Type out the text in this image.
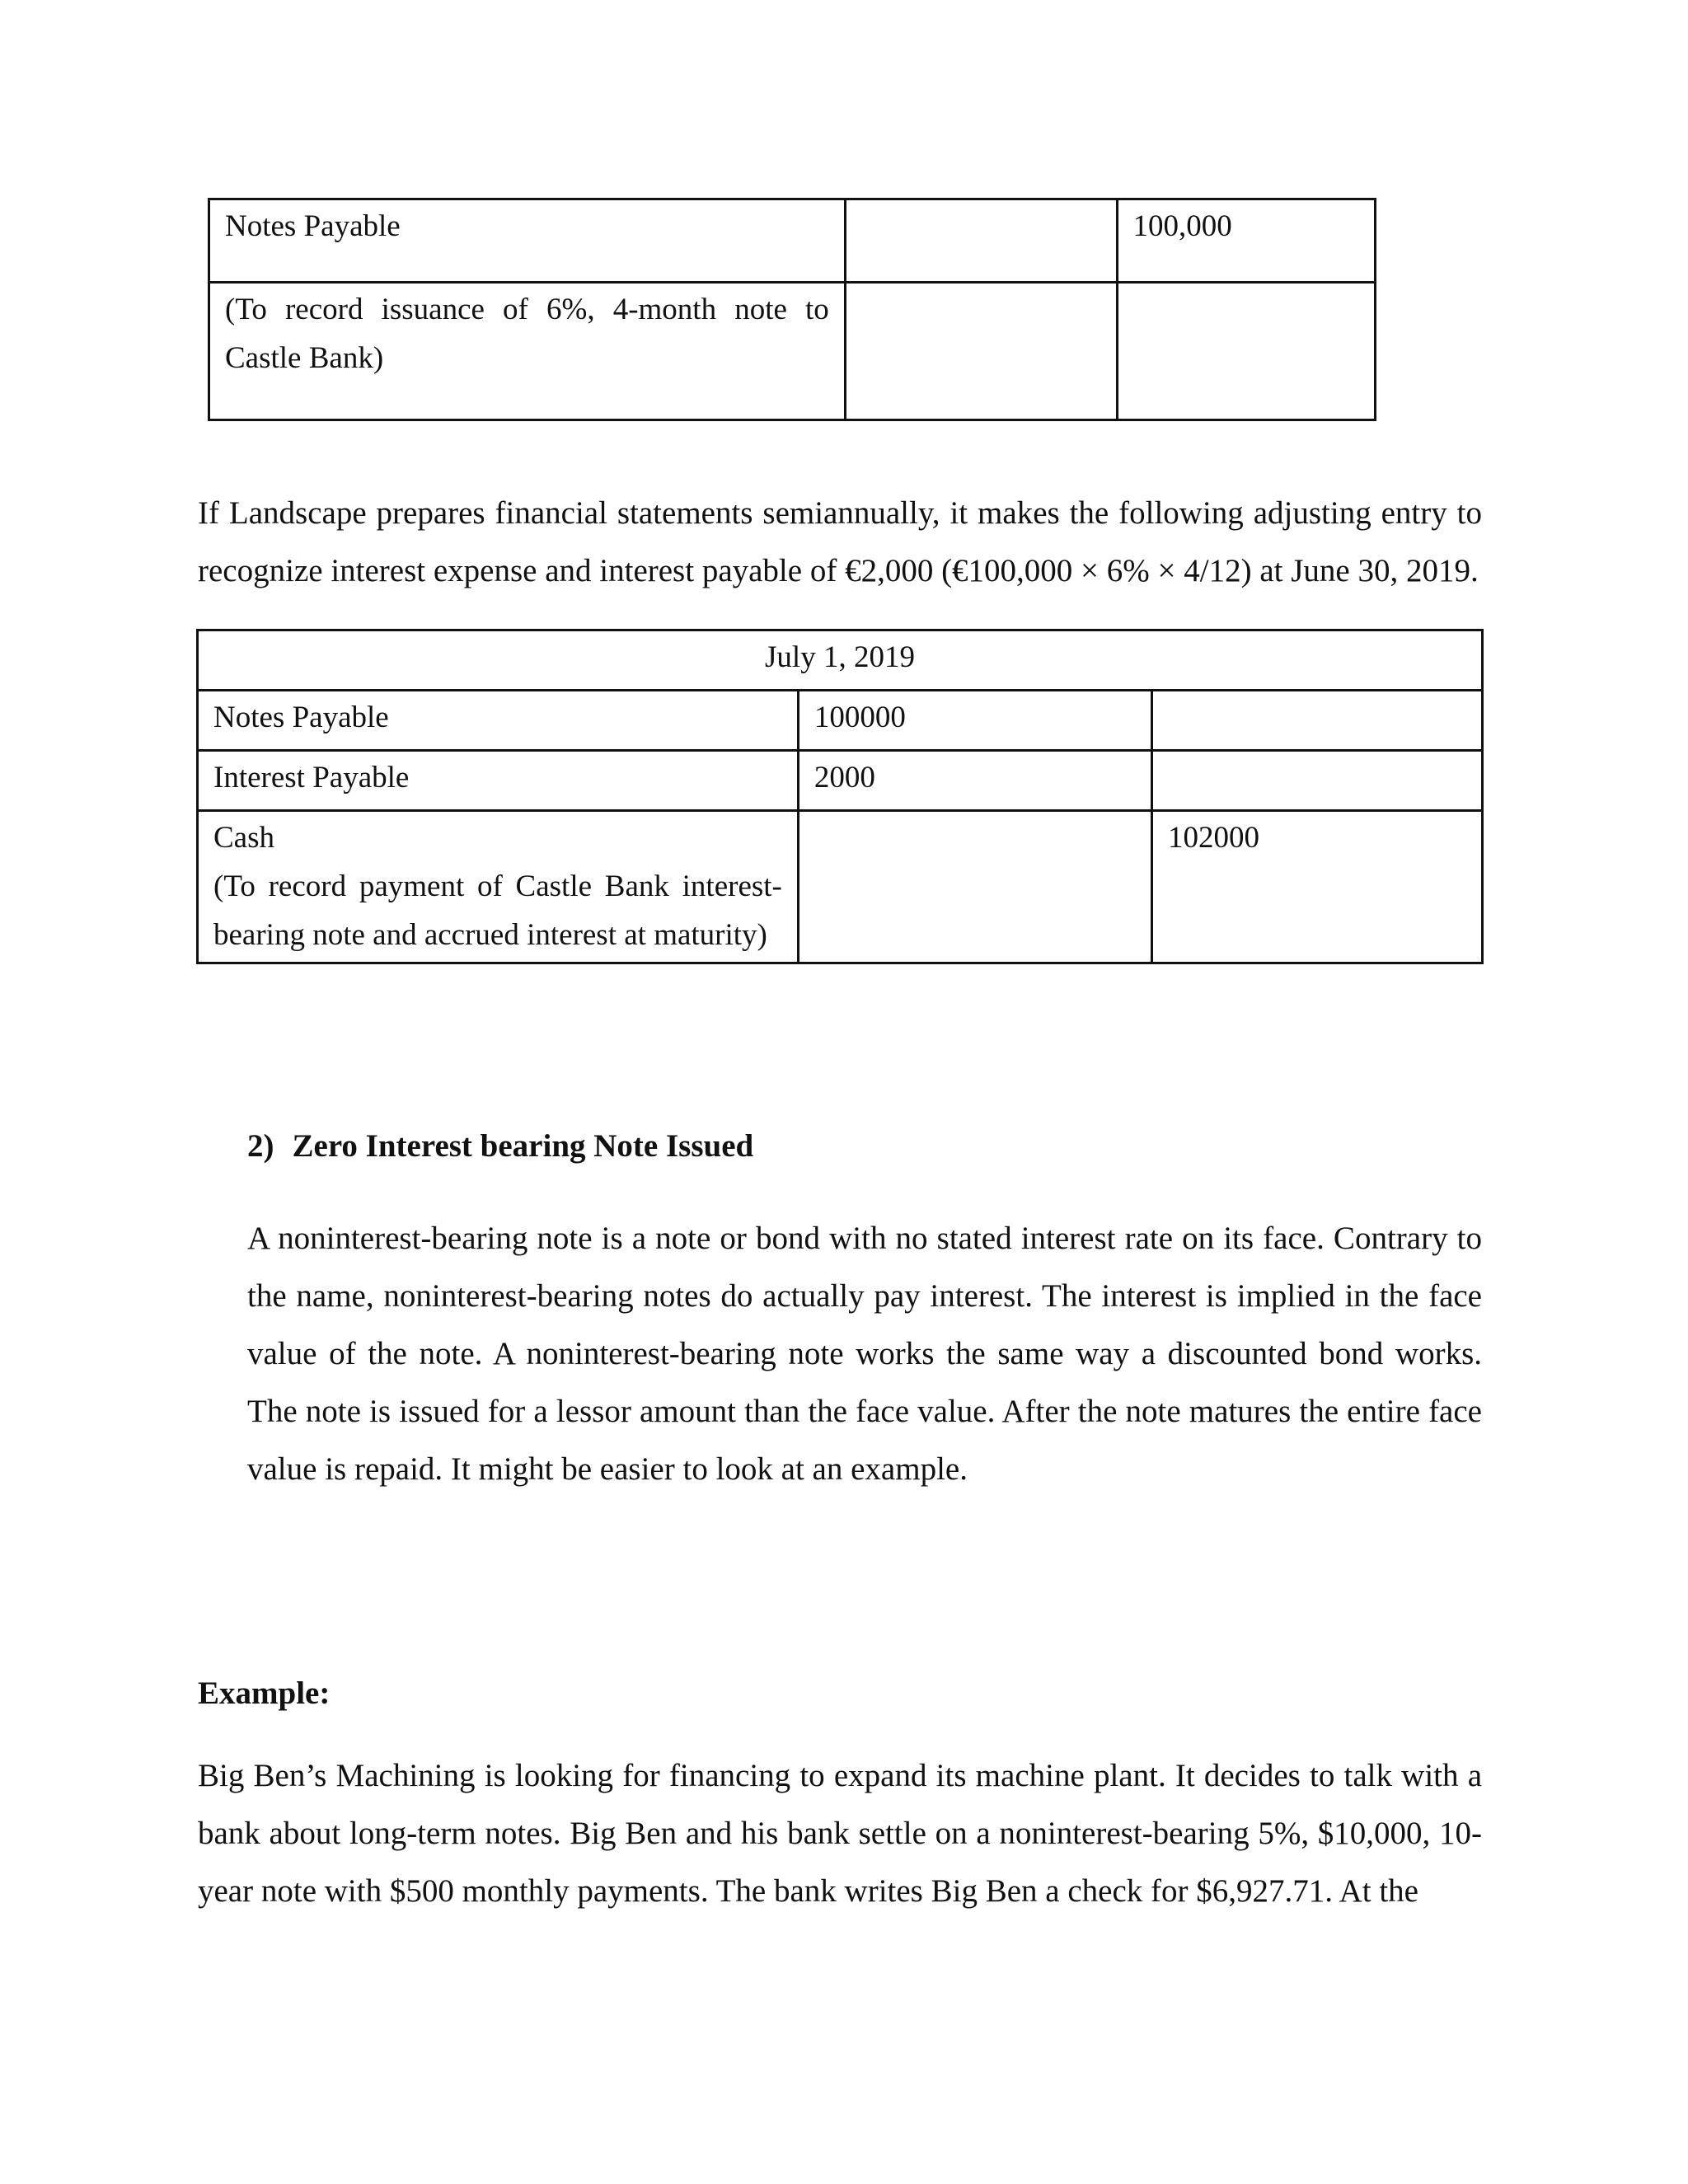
Notes Payable		100,000
(To record issuance of 6%, 4-month note to Castle Bank)		

If Landscape prepares financial statements semiannually, it makes the following adjusting entry to recognize interest expense and interest payable of €2,000 (€100,000 × 6% × 4/12) at June 30, 2019.

July 1, 2019		
Notes Payable	100000	
Interest Payable	2000	

Cash
(To record payment of Castle Bank interest-bearing note and accrued interest at maturity)		102000
2) Zero Interest bearing Note Issued

A noninterest-bearing note is a note or bond with no stated interest rate on its face. Contrary to the name, noninterest-bearing notes do actually pay interest. The interest is implied in the face value of the note. A noninterest-bearing note works the same way a discounted bond works. The note is issued for a lessor amount than the face value. After the note matures the entire face value is repaid. It might be easier to look at an example.

Example:

Big Ben’s Machining is looking for financing to expand its machine plant. It decides to talk with a bank about long-term notes. Big Ben and his bank settle on a noninterest-bearing 5%, $10,000, 10-year note with $500 monthly payments. The bank writes Big Ben a check for $6,927.71. At the
